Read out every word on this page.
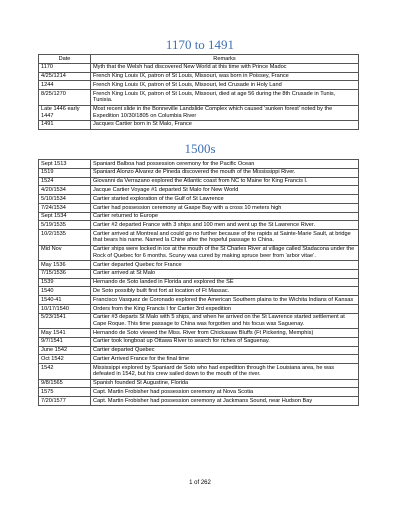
1170 to 1491
Date	Remarks
1170	Myth that the Welsh had discovered New World at this time with Prince Madoc
4/25/1214	French King Louis IX, patron of St Louis, Missouri, was born in Poissey, France
1244	French King Louis IX, patron of St Louis, Missouri, led Crusade in Holy Land
8/25/1270	French King Louis IX, patron of St Louis, Missouri, died at age 56 during the 8th Crusade in Tunis, Tunisia.
Late 1446 early 1447	Most recent slide in the Bonneville Landslide Complex which caused ‘sunken forest’ noted by the Expedition 10/30/1805 on Columbia River
1491	Jacques Cartier born in St Malo, France
1500s
Sept 1513	Spaniard Balboa had possession ceremony for the Pacific Ocean
1519	Spaniard Alonzo Alvarez de Pineda discovered the mouth of the Mississippi River.
1524	Giovanni da Verrazano explored the Atlantic coast from NC to Maine for King Francis I.
4/20/1534	Jacque Cartier Voyage #1 departed St Malo for New World
5/10/1534	Cartier started exploration of the Gulf of St Lawrence
7/24/1534	Cartier had possession ceremony at Gaspe Bay with a cross 10 meters high
Sept 1534	Cartier returned to Europe
5/19/1535	Cartier #2 departed France with 3 ships and 100 men and went up the St Lawrence River.
10/2/1535	Cartier arrived at Montreal and could go no further because of the rapids at Sainte-Marie Sault, at bridge that bears his name. Named la Chine after the hopeful passage to China.
Mid Nov	Cartier ships were locked in ice at the mouth of the St Charles River at village called Stadacona under the Rock of Quebec for 6 months. Scurvy was cured by making spruce beer from ‘arbor vitae’.
May 1536	Cartier departed Quebec for France
7/15/1536	Cartier arrived at St Malo
1539	Hernando de Soto landed in Florida and explored the SE
1540	De Soto possibly built first fort at location of Ft Massac.
1540-41	Francisco Vasquez de Coronado explored the American Southern plains to the Wichita Indians of Kansas
10/17/1540	Orders from the King Francis I for Cartier 3rd expedition
5/23/1541	Cartier #3 departs St Malo with 5 ships, and when he arrived on the St Lawrence started settlement at Cape Roque. This time passage to China was forgotten and his focus was Saguenay.
May 1541	Hernando de Soto viewed the Miss. River from Chickasaw Bluffs (Ft Pickering, Memphis)
9/7/1541	Cartier took longboat up Ottawa River to search for riches of Saguenay.
June 1542	Cartier departed Quebec
Oct 1542	Cartier Arrived France for the final time
1542	Mississippi explored by Spaniard de Soto who had expedition through the Louisiana area, he was defeated in 1542, but his crew sailed down to the mouth of the river.
9/8/1565	Spanish founded St Augustine, Florida
1575	Capt. Martin Frobisher had possession ceremony at Nova Scotia
7/20/1577	Capt. Martin Frobisher had possession ceremony at Jackmans Sound, near Hudson Bay
1 of 262
